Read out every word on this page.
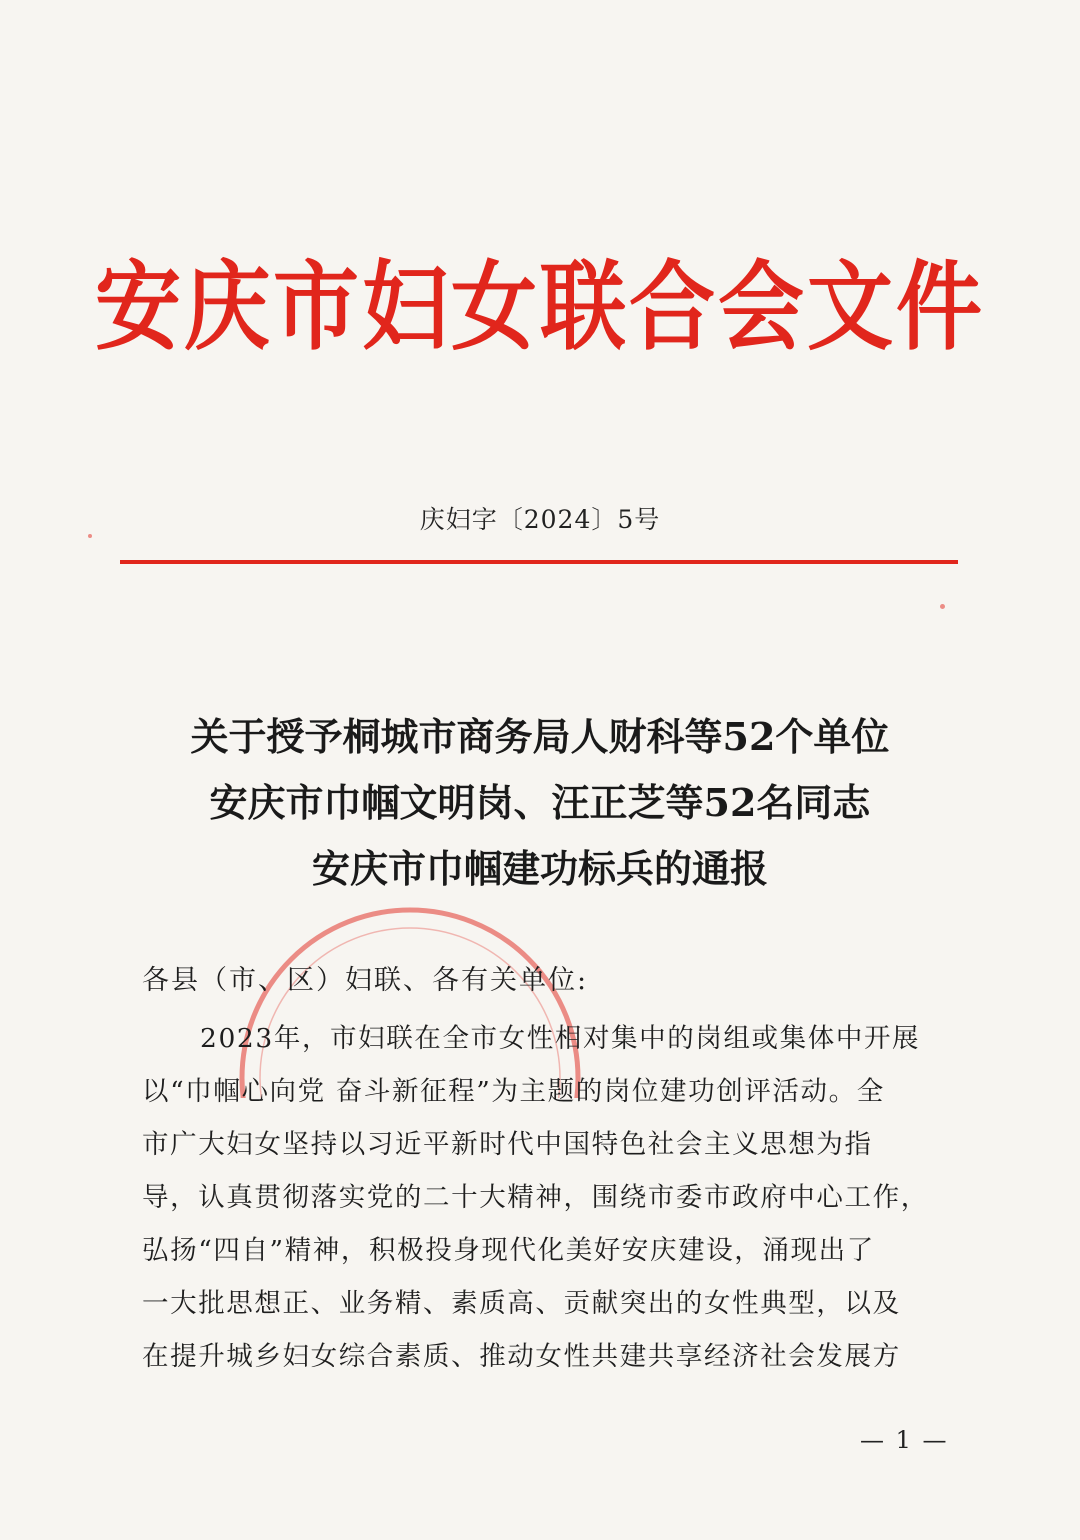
安庆市妇女联合会文件
庆妇字〔2024〕5号
关于授予桐城市商务局人财科等52个单位
安庆市巾帼文明岗、汪正芝等52名同志
安庆市巾帼建功标兵的通报
各县（市、区）妇联、各有关单位:
2023年，市妇联在全市女性相对集中的岗组或集体中开展
以“巾帼心向党 奋斗新征程”为主题的岗位建功创评活动。全
市广大妇女坚持以习近平新时代中国特色社会主义思想为指
导，认真贯彻落实党的二十大精神，围绕市委市政府中心工作，
弘扬“四自”精神，积极投身现代化美好安庆建设，涌现出了
一大批思想正、业务精、素质高、贡献突出的女性典型，以及
在提升城乡妇女综合素质、推动女性共建共享经济社会发展方
— 1 —
